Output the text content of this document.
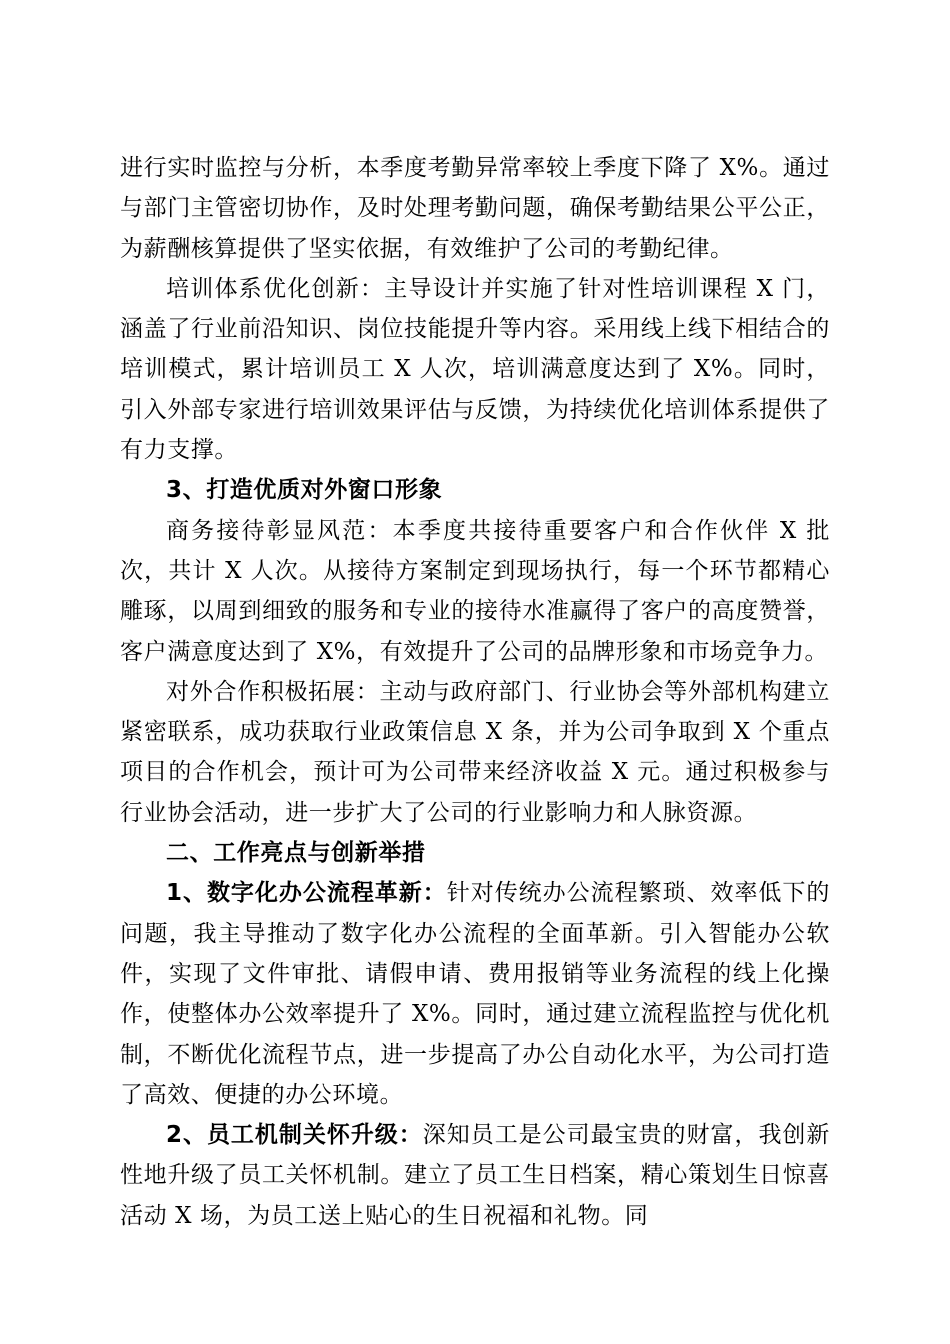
进行实时监控与分析，本季度考勤异常率较上季度下降了 X%。通过与部门主管密切协作，及时处理考勤问题，确保考勤结果公平公正，为薪酬核算提供了坚实依据，有效维护了公司的考勤纪律。

培训体系优化创新：主导设计并实施了针对性培训课程 X 门，涵盖了行业前沿知识、岗位技能提升等内容。采用线上线下相结合的培训模式，累计培训员工 X 人次，培训满意度达到了 X%。同时，引入外部专家进行培训效果评估与反馈，为持续优化培训体系提供了有力支撑。

3、打造优质对外窗口形象

商务接待彰显风范：本季度共接待重要客户和合作伙伴 X 批次，共计 X 人次。从接待方案制定到现场执行，每一个环节都精心雕琢，以周到细致的服务和专业的接待水准赢得了客户的高度赞誉，客户满意度达到了 X%，有效提升了公司的品牌形象和市场竞争力。

对外合作积极拓展：主动与政府部门、行业协会等外部机构建立紧密联系，成功获取行业政策信息 X 条，并为公司争取到 X 个重点项目的合作机会，预计可为公司带来经济收益 X 元。通过积极参与行业协会活动，进一步扩大了公司的行业影响力和人脉资源。

二、工作亮点与创新举措

1、数字化办公流程革新：针对传统办公流程繁琐、效率低下的问题，我主导推动了数字化办公流程的全面革新。引入智能办公软件，实现了文件审批、请假申请、费用报销等业务流程的线上化操作，使整体办公效率提升了 X%。同时，通过建立流程监控与优化机制，不断优化流程节点，进一步提高了办公自动化水平，为公司打造了高效、便捷的办公环境。

2、员工机制关怀升级：深知员工是公司最宝贵的财富，我创新性地升级了员工关怀机制。建立了员工生日档案，精心策划生日惊喜活动 X 场，为员工送上贴心的生日祝福和礼物。同
